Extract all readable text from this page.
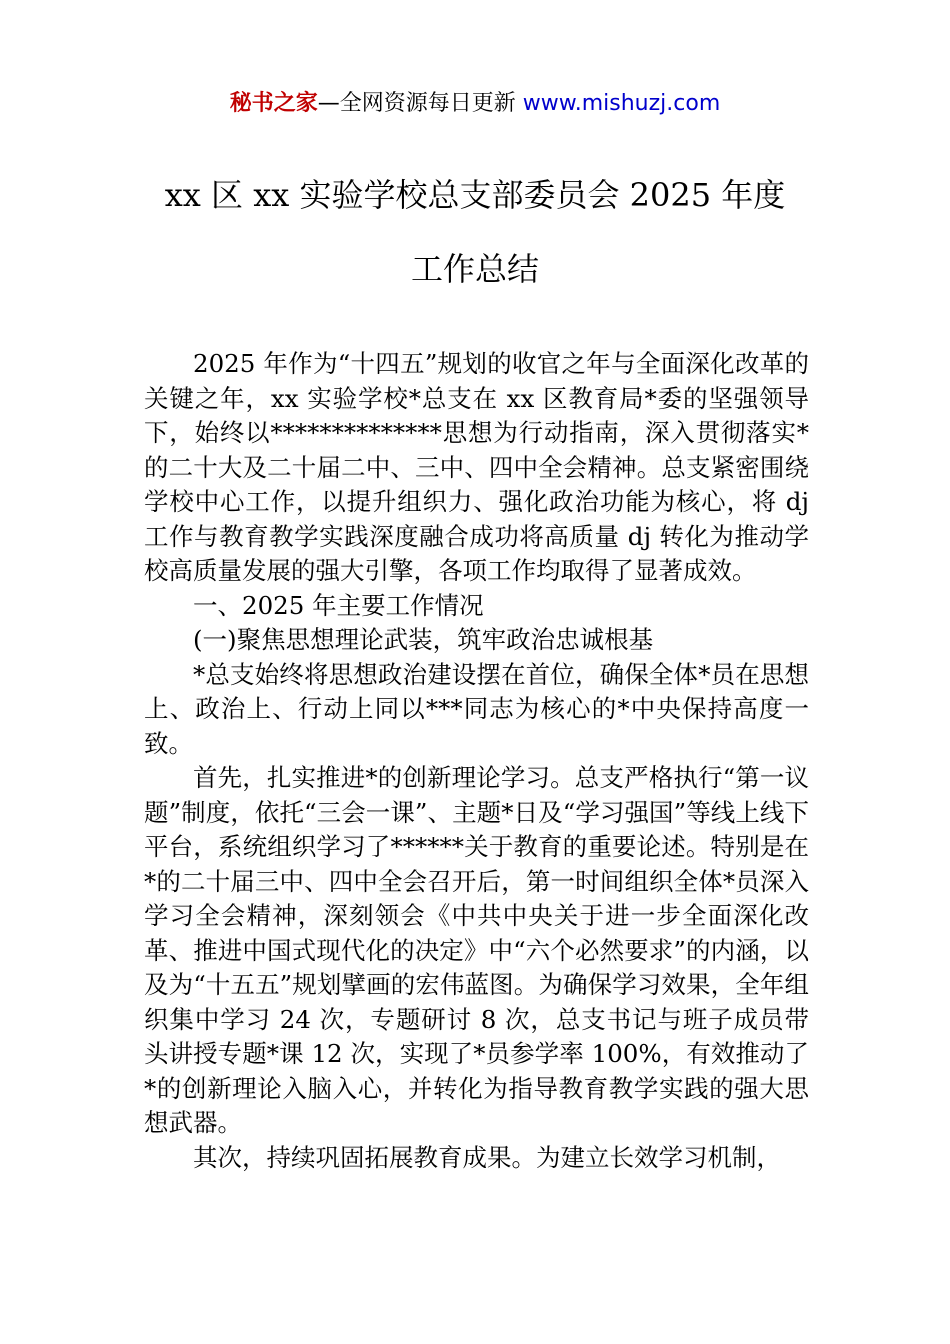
秘书之家—全网资源每日更新 www.mishuzj.com
xx 区 xx 实验学校总支部委员会 2025 年度
工作总结

2025 年作为“十四五”规划的收官之年与全面深化改革的关键之年，xx 实验学校*总支在 xx 区教育局*委的坚强领导下，始终以**************思想为行动指南，深入贯彻落实*的二十大及二十届二中、三中、四中全会精神。总支紧密围绕学校中心工作，以提升组织力、强化政治功能为核心，将 dj 工作与教育教学实践深度融合成功将高质量 dj 转化为推动学校高质量发展的强大引擎，各项工作均取得了显著成效。

一、2025 年主要工作情况

(一)聚焦思想理论武装，筑牢政治忠诚根基

*总支始终将思想政治建设摆在首位，确保全体*员在思想上、政治上、行动上同以***同志为核心的*中央保持高度一致。

首先，扎实推进*的创新理论学习。总支严格执行“第一议题”制度，依托“三会一课”、主题*日及“学习强国”等线上线下平台，系统组织学习了******关于教育的重要论述。特别是在*的二十届三中、四中全会召开后，第一时间组织全体*员深入学习全会精神，深刻领会《中共中央关于进一步全面深化改革、推进中国式现代化的决定》中“六个必然要求”的内涵，以及为“十五五”规划擘画的宏伟蓝图。为确保学习效果，全年组织集中学习 24 次，专题研讨 8 次，总支书记与班子成员带头讲授专题*课 12 次，实现了*员参学率 100%，有效推动了*的创新理论入脑入心，并转化为指导教育教学实践的强大思想武器。

其次，持续巩固拓展教育成果。为建立长效学习机制，
